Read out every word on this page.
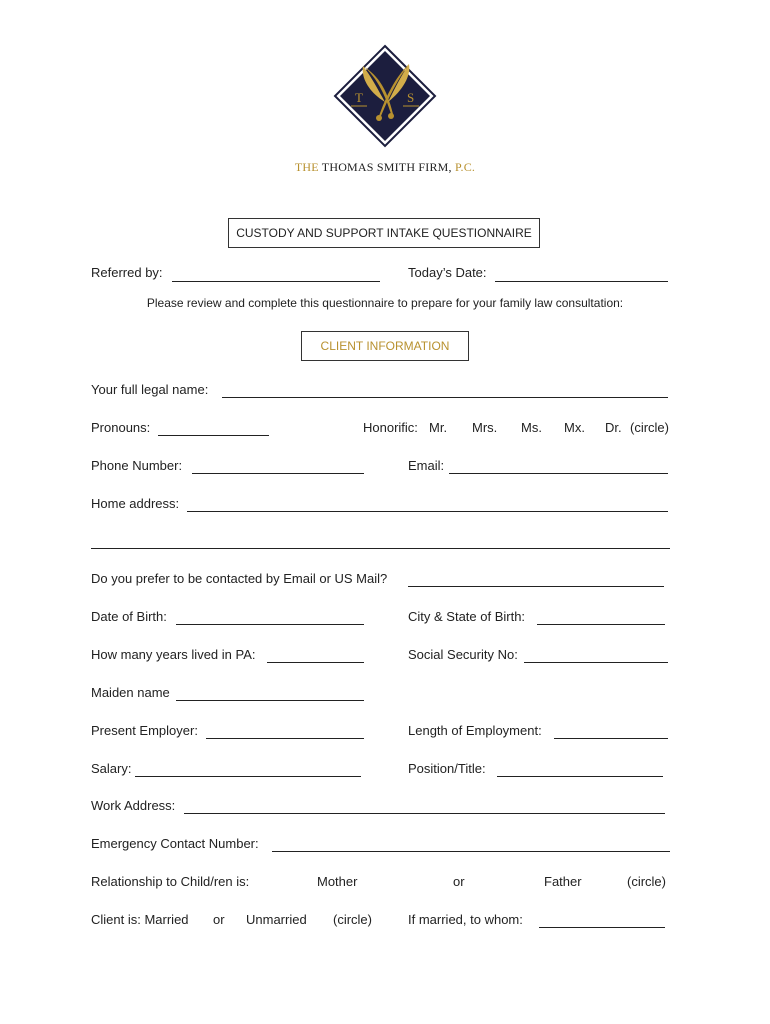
T	S
THE THOMAS SMITH FIRM, P.C.
CUSTODY AND SUPPORT INTAKE QUESTIONNAIRE
Referred by:	Today’s Date:
Please review and complete this questionnaire to prepare for your family law consultation:
CLIENT INFORMATION
Your full legal name:
Pronouns:	Honorific: Mr. Mrs. Ms. Mx. Dr. (circle)
Phone Number:	Email:
Home address:
Do you prefer to be contacted by Email or US Mail?
Date of Birth:	City & State of Birth:
How many years lived in PA:	Social Security No:
Maiden name
Present Employer:	Length of Employment:
Salary:	Position/Title:
Work Address:
Emergency Contact Number:
Relationship to Child/ren is:	Mother	or	Father	(circle)
Client is: Married or Unmarried (circle)	If married, to whom:
